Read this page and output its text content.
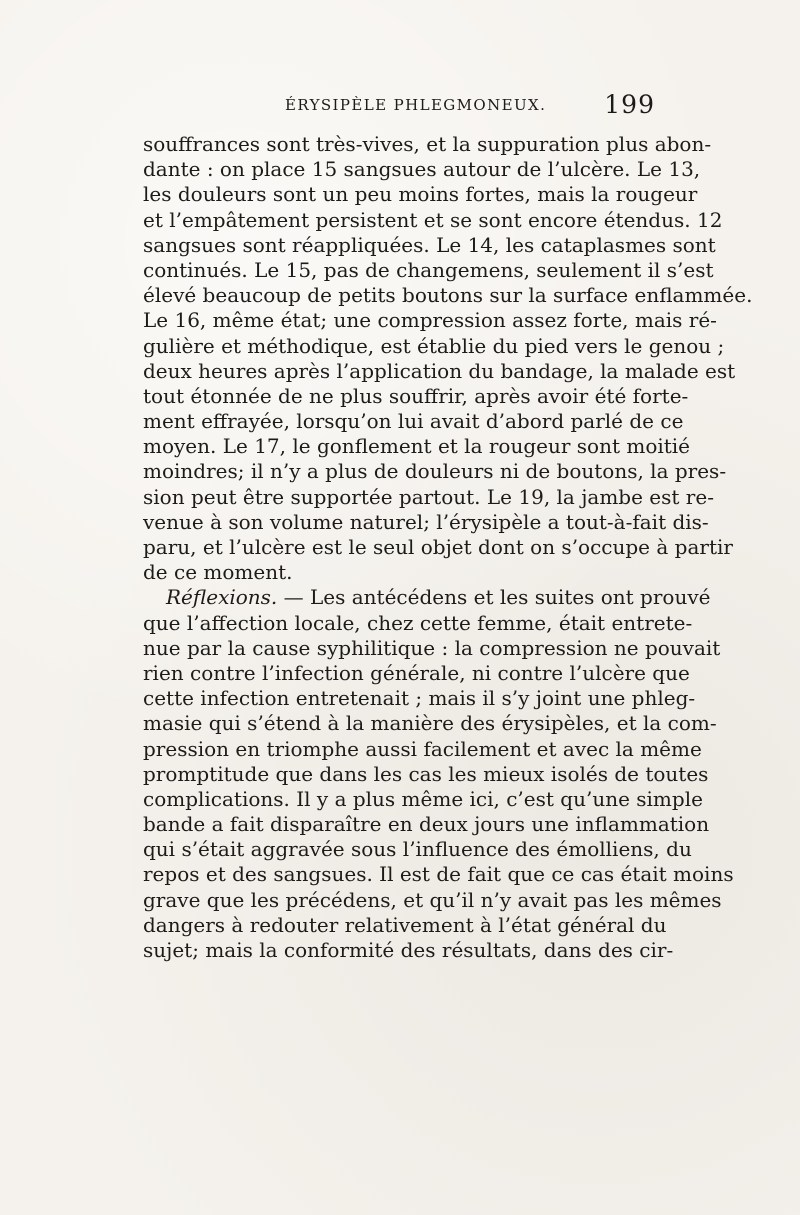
ÉRYSIPÈLE PHLEGMONEUX. 199
souffrances sont très-vives, et la suppuration plus abon-
dante : on place 15 sangsues autour de l’ulcère. Le 13,
les douleurs sont un peu moins fortes, mais la rougeur
et l’empâtement persistent et se sont encore étendus. 12
sangsues sont réappliquées. Le 14, les cataplasmes sont
continués. Le 15, pas de changemens, seulement il s’est
élevé beaucoup de petits boutons sur la surface enflammée.
Le 16, même état; une compression assez forte, mais ré-
gulière et méthodique, est établie du pied vers le genou ;
deux heures après l’application du bandage, la malade est
tout étonnée de ne plus souffrir, après avoir été forte-
ment effrayée, lorsqu’on lui avait d’abord parlé de ce
moyen. Le 17, le gonflement et la rougeur sont moitié
moindres; il n’y a plus de douleurs ni de boutons, la pres-
sion peut être supportée partout. Le 19, la jambe est re-
venue à son volume naturel; l’érysipèle a tout-à-fait dis-
paru, et l’ulcère est le seul objet dont on s’occupe à partir
de ce moment.
Réflexions. — Les antécédens et les suites ont prouvé
que l’affection locale, chez cette femme, était entrete-
nue par la cause syphilitique : la compression ne pouvait
rien contre l’infection générale, ni contre l’ulcère que
cette infection entretenait ; mais il s’y joint une phleg-
masie qui s’étend à la manière des érysipèles, et la com-
pression en triomphe aussi facilement et avec la même
promptitude que dans les cas les mieux isolés de toutes
complications. Il y a plus même ici, c’est qu’une simple
bande a fait disparaître en deux jours une inflammation
qui s’était aggravée sous l’influence des émolliens, du
repos et des sangsues. Il est de fait que ce cas était moins
grave que les précédens, et qu’il n’y avait pas les mêmes
dangers à redouter relativement à l’état général du
sujet; mais la conformité des résultats, dans des cir-
